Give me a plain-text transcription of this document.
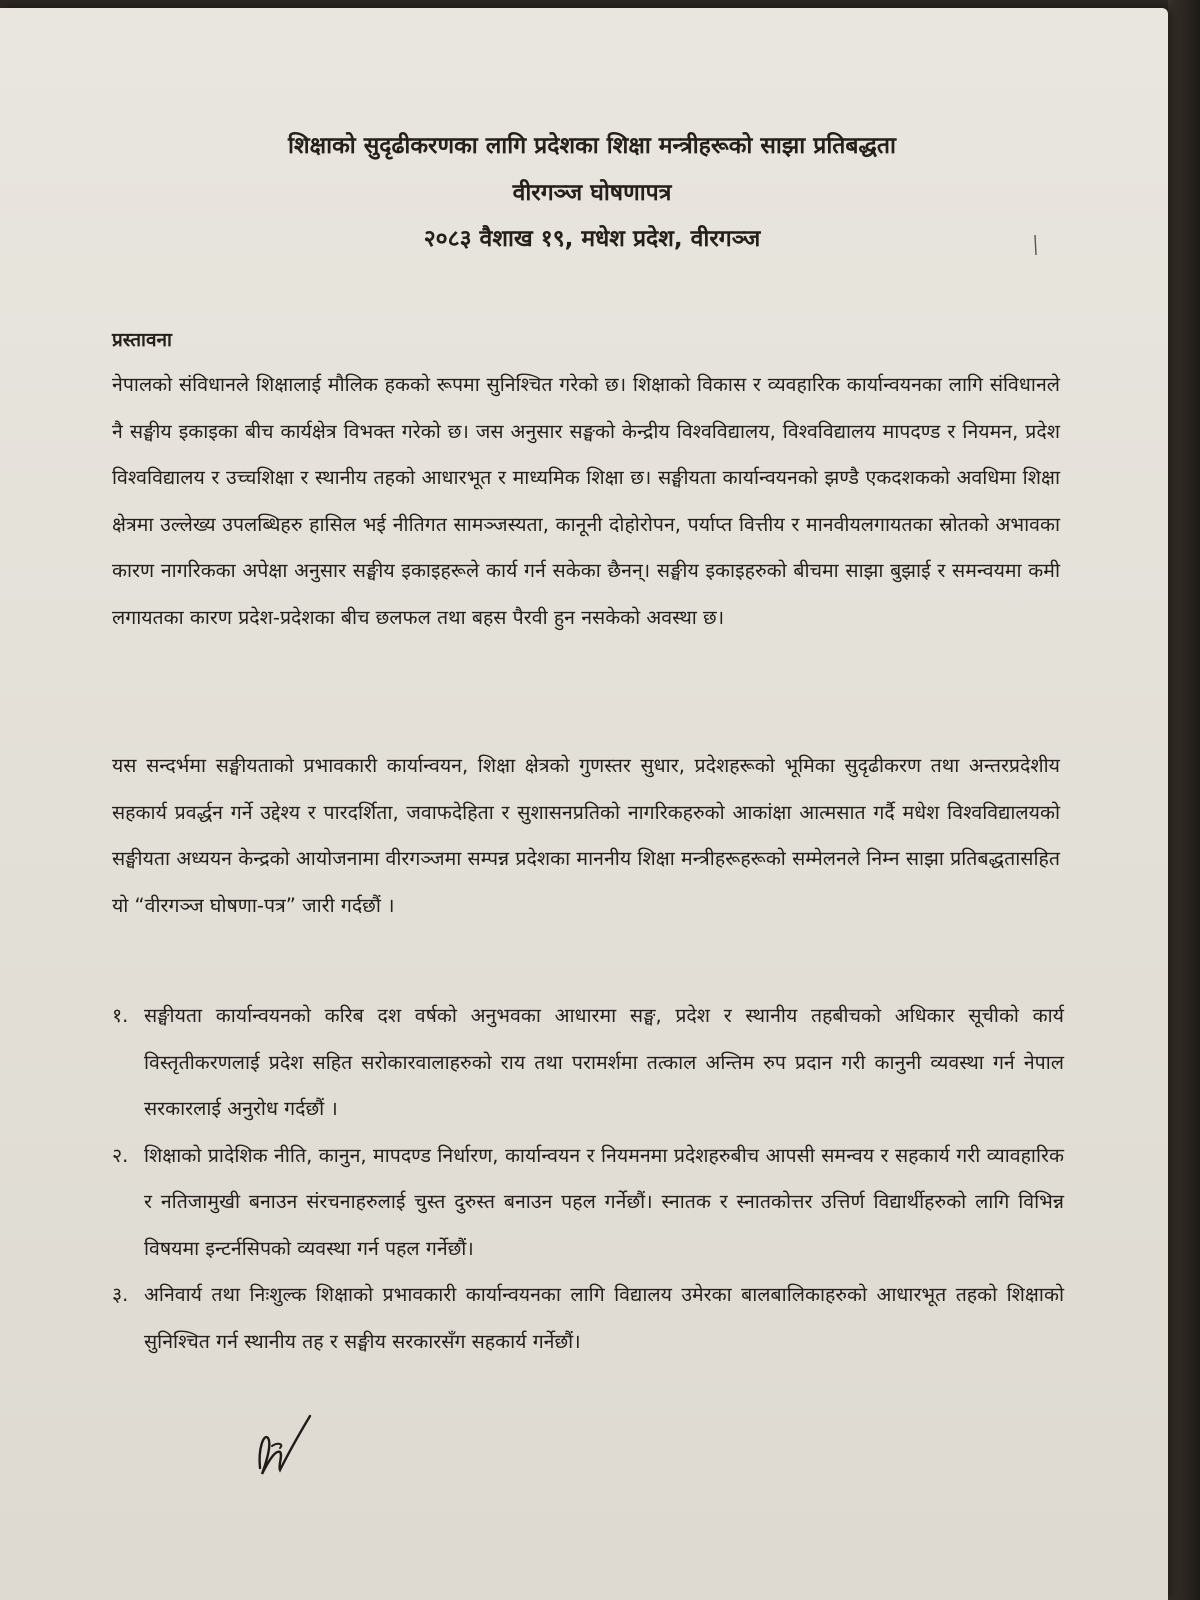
शिक्षाको सुदृढीकरणका लागि प्रदेशका शिक्षा मन्त्रीहरूको साझा प्रतिबद्धता
वीरगञ्ज घोषणापत्र
२०८३ वैशाख १९, मधेश प्रदेश, वीरगञ्ज
प्रस्तावना
नेपालको संविधानले शिक्षालाई मौलिक हकको रूपमा सुनिश्चित गरेको छ। शिक्षाको विकास र व्यवहारिक कार्यान्वयनका लागि संविधानले नै सङ्घीय इकाइका बीच कार्यक्षेत्र विभक्त गरेको छ। जस अनुसार सङ्घको केन्द्रीय विश्वविद्यालय, विश्वविद्यालय मापदण्ड र नियमन, प्रदेश विश्वविद्यालय र उच्चशिक्षा र स्थानीय तहको आधारभूत र माध्यमिक शिक्षा छ। सङ्घीयता कार्यान्वयनको झण्डै एकदशकको अवधिमा शिक्षा क्षेत्रमा उल्लेख्य उपलब्धिहरु हासिल भई नीतिगत सामञ्जस्यता, कानूनी दोहोरोपन, पर्याप्त वित्तीय र मानवीयलगायतका स्रोतको अभावका कारण नागरिकका अपेक्षा अनुसार सङ्घीय इकाइहरूले कार्य गर्न सकेका छैनन्। सङ्घीय इकाइहरुको बीचमा साझा बुझाई र समन्वयमा कमी लगायतका कारण प्रदेश-प्रदेशका बीच छलफल तथा बहस पैरवी हुन नसकेको अवस्था छ।
यस सन्दर्भमा सङ्घीयताको प्रभावकारी कार्यान्वयन, शिक्षा क्षेत्रको गुणस्तर सुधार, प्रदेशहरूको भूमिका सुदृढीकरण तथा अन्तरप्रदेशीय सहकार्य प्रवर्द्धन गर्ने उद्देश्य र पारदर्शिता, जवाफदेहिता र सुशासनप्रतिको नागरिकहरुको आकांक्षा आत्मसात गर्दै मधेश विश्वविद्यालयको सङ्घीयता अध्ययन केन्द्रको आयोजनामा वीरगञ्जमा सम्पन्न प्रदेशका माननीय शिक्षा मन्त्रीहरूहरूको सम्मेलनले निम्न साझा प्रतिबद्धतासहित यो “वीरगञ्ज घोषणा-पत्र” जारी गर्दछौं ।
१. सङ्घीयता कार्यान्वयनको करिब दश वर्षको अनुभवका आधारमा सङ्घ, प्रदेश र स्थानीय तहबीचको अधिकार सूचीको कार्य विस्तृतीकरणलाई प्रदेश सहित सरोकारवालाहरुको राय तथा परामर्शमा तत्काल अन्तिम रुप प्रदान गरी कानुनी व्यवस्था गर्न नेपाल सरकारलाई अनुरोध गर्दछौं ।
२. शिक्षाको प्रादेशिक नीति, कानुन, मापदण्ड निर्धारण, कार्यान्वयन र नियमनमा प्रदेशहरुबीच आपसी समन्वय र सहकार्य गरी व्यावहारिक र नतिजामुखी बनाउन संरचनाहरुलाई चुस्त दुरुस्त बनाउन पहल गर्नेछौं। स्नातक र स्नातकोत्तर उत्तिर्ण विद्यार्थीहरुको लागि विभिन्न विषयमा इन्टर्नसिपको व्यवस्था गर्न पहल गर्नेछौं।
३. अनिवार्य तथा निःशुल्क शिक्षाको प्रभावकारी कार्यान्वयनका लागि विद्यालय उमेरका बालबालिकाहरुको आधारभूत तहको शिक्षाको सुनिश्चित गर्न स्थानीय तह र सङ्घीय सरकारसँग सहकार्य गर्नेछौं।
